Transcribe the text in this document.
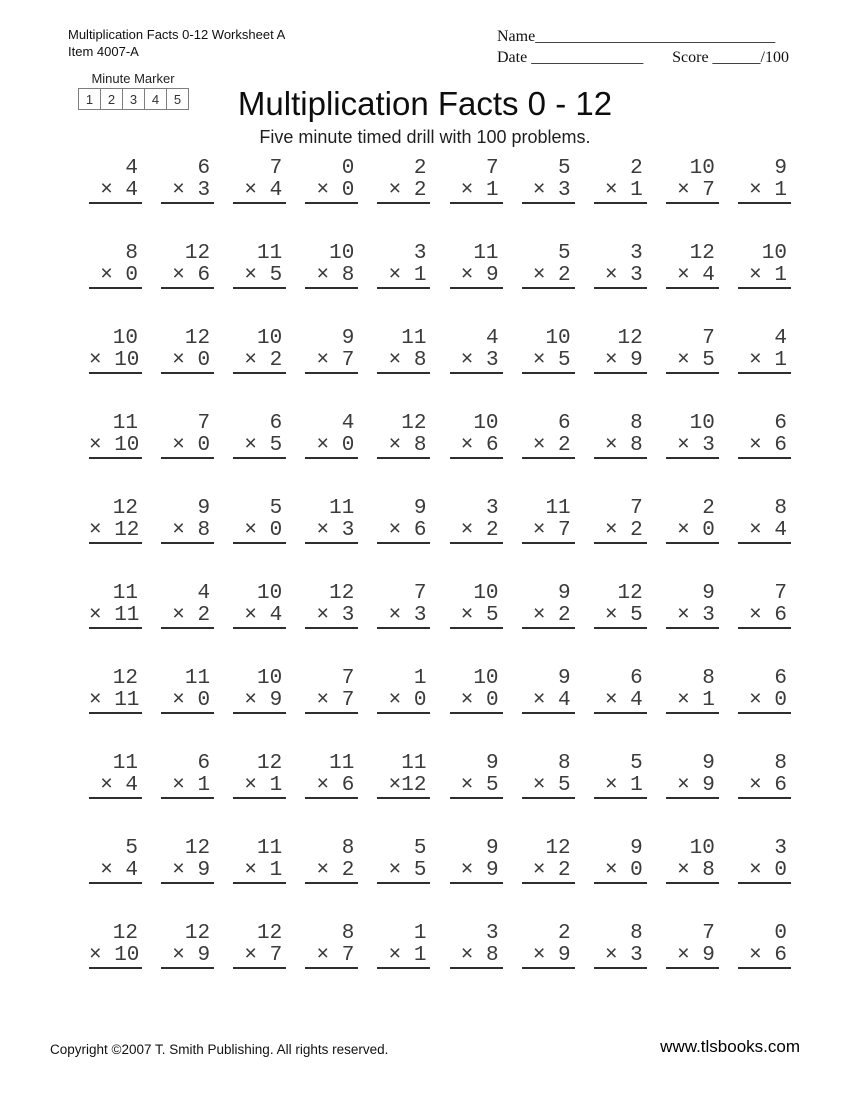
Multiplication Facts 0-12 Worksheet A
Item 4007-A
Name______________________________
Date ______________ Score ______/100
Minute Marker
1	2	3	4	5	Multiplication Facts 0 - 12
Five minute timed drill with 100 problems.
4
× 4
6
× 3
7
× 4
0
× 0
2
× 2
7
× 1
5
× 3
2
× 1
10
× 7
9
× 1
8
× 0
12
× 6
11
× 5
10
× 8
3
× 1
11
× 9
5
× 2
3
× 3
12
× 4
10
× 1
10
× 10
12
× 0
10
× 2
9
× 7
11
× 8
4
× 3
10
× 5
12
× 9
7
× 5
4
× 1
11
× 10
7
× 0
6
× 5
4
× 0
12
× 8
10
× 6
6
× 2
8
× 8
10
× 3
6
× 6
12
× 12
9
× 8
5
× 0
11
× 3
9
× 6
3
× 2
11
× 7
7
× 2
2
× 0
8
× 4
11
× 11
4
× 2
10
× 4
12
× 3
7
× 3
10
× 5
9
× 2
12
× 5
9
× 3
7
× 6
12
× 11
11
× 0
10
× 9
7
× 7
1
× 0
10
× 0
9
× 4
6
× 4
8
× 1
6
× 0
11
× 4
6
× 1
12
× 1
11
× 6
11
×12
9
× 5
8
× 5
5
× 1
9
× 9
8
× 6
5
× 4
12
× 9
11
× 1
8
× 2
5
× 5
9
× 9
12
× 2
9
× 0
10
× 8
3
× 0
12
× 10
12
× 9
12
× 7
8
× 7
1
× 1
3
× 8
2
× 9
8
× 3
7
× 9
0
× 6
Copyright ©2007 T. Smith Publishing. All rights reserved.	www.tlsbooks.com
